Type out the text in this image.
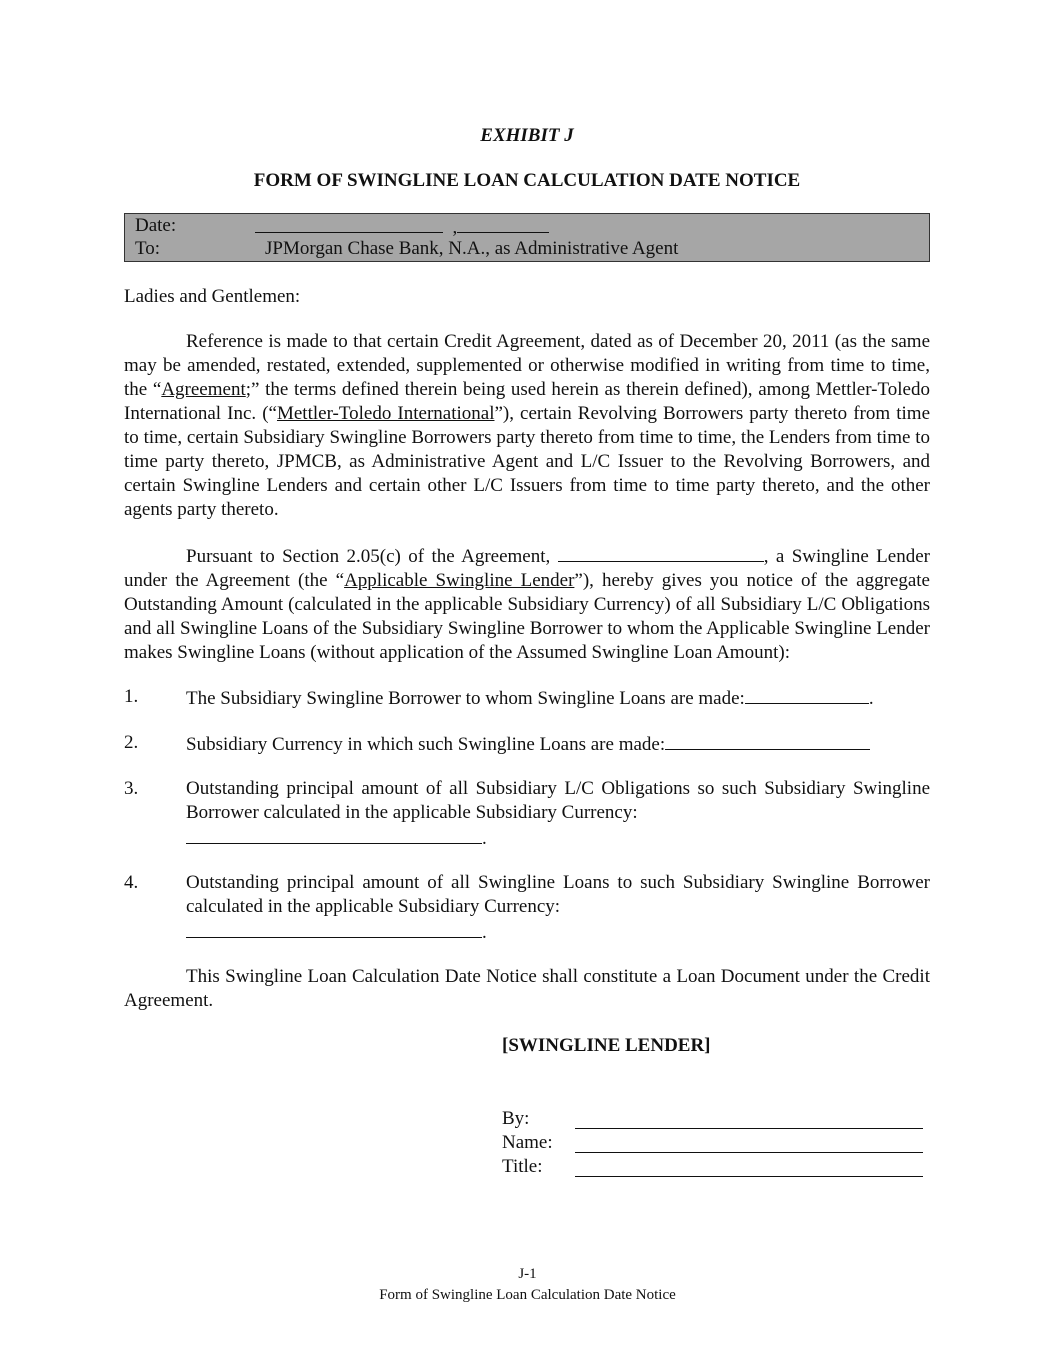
EXHIBIT J

FORM OF SWINGLINE LOAN CALCULATION DATE NOTICE

Date:	,
To:	JPMorgan Chase Bank, N.A., as Administrative Agent
Ladies and Gentlemen:
Reference is made to that certain Credit Agreement, dated as of December 20, 2011 (as the same may be amended, restated, extended, supplemented or otherwise modified in writing from time to time, the “Agreement;” the terms defined therein being used herein as therein defined), among Mettler-Toledo International Inc. (“Mettler-Toledo International”), certain Revolving Borrowers party thereto from time to time, certain Subsidiary Swingline Borrowers party thereto from time to time, the Lenders from time to time party thereto, JPMCB, as Administrative Agent and L/C Issuer to the Revolving Borrowers, and certain Swingline Lenders and certain other L/C Issuers from time to time party thereto, and the other agents party thereto.
Pursuant to Section 2.05(c) of the Agreement,	, a Swingline Lender under the Agreement (the “Applicable Swingline Lender”), hereby gives you notice of the aggregate Outstanding Amount (calculated in the applicable Subsidiary Currency) of all Subsidiary L/C Obligations and all Swingline Loans of the Subsidiary Swingline Borrower to whom the Applicable Swingline Lender makes Swingline Loans (without application of the Assumed Swingline Loan Amount):
1.	The Subsidiary Swingline Borrower to whom Swingline Loans are made:	.
2.	Subsidiary Currency in which such Swingline Loans are made:
3.	Outstanding principal amount of all Subsidiary L/C Obligations so such Subsidiary Swingline Borrower calculated in the applicable Subsidiary Currency:
.
4.	Outstanding principal amount of all Swingline Loans to such Subsidiary Swingline Borrower calculated in the applicable Subsidiary Currency:
.
This Swingline Loan Calculation Date Notice shall constitute a Loan Document under the Credit Agreement.
[SWINGLINE LENDER]
By:
Name:
Title:
J-1
Form of Swingline Loan Calculation Date Notice
